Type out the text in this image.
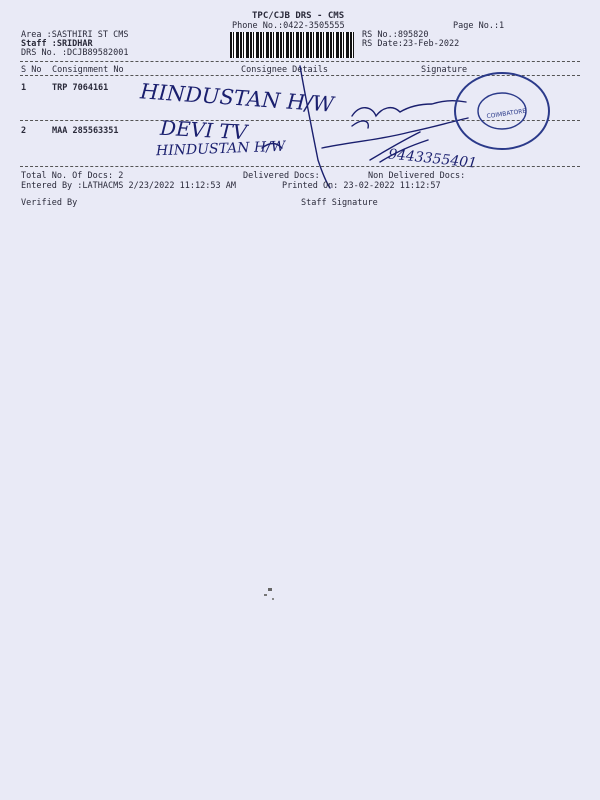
TPC/CJB DRS - CMS
Phone No.:0422-3505555	Page No.:1
Area :SASTHIRI ST CMS
Staff :SRIDHAR
DRS No. :DCJB89582001
RS No.:895820
RS Date:23-Feb-2022
S No Consignment No	Consignee Details	Signature
1	TRP 7064161 HINDUSTAN H/W
2	MAA 285563351 DEVI TV
HINDUSTAN H/W	9443355401
COIMBATORE
Total No. Of Docs: 2	Delivered Docs:	Non Delivered Docs:
Entered By :LATHACMS 2/23/2022 11:12:53 AM	Printed On: 23-02-2022 11:12:57
Verified By	Staff Signature
